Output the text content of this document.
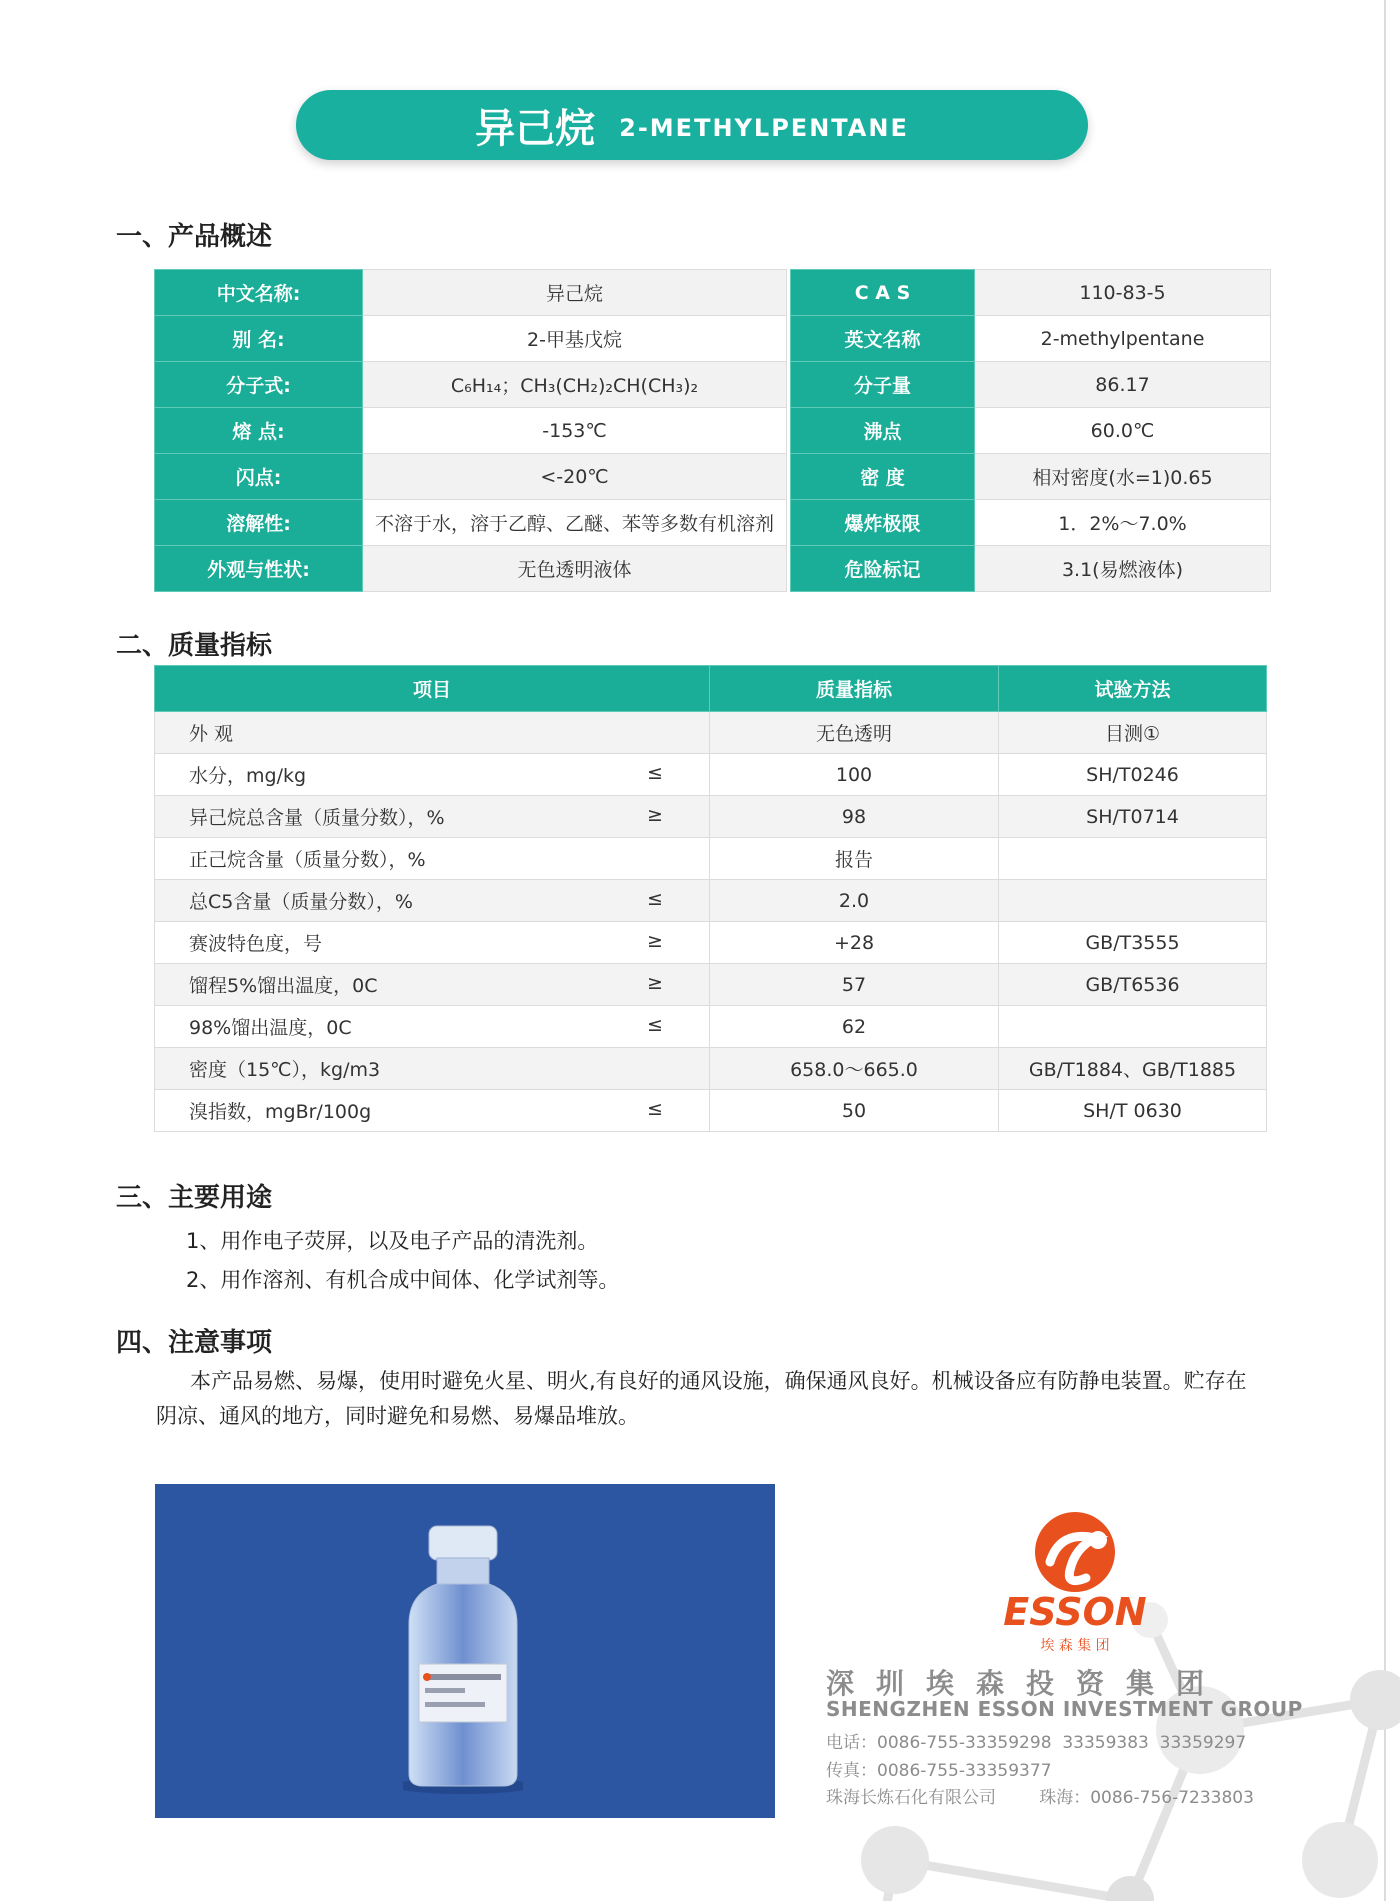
异己烷 2-METHYLPENTANE
一、产品概述
中文名称:	异己烷		C A S	110-83-5
别 名:	2-甲基戊烷		英文名称	2-methylpentane
分子式:	C₆H₁₄；CH₃(CH₂)₂CH(CH₃)₂		分子量	86.17
熔 点:	-153℃		沸点	60.0℃
闪点:	<-20℃		密 度	相对密度(水=1)0.65
溶解性:	不溶于水，溶于乙醇、乙醚、苯等多数有机溶剂		爆炸极限	1．2%～7.0%
外观与性状:	无色透明液体		危险标记	3.1(易燃液体)
二、质量指标
项目	质量指标	试验方法
外 观	无色透明	目测①
水分，mg/kg ≤	100	SH/T0246
异己烷总含量（质量分数），% ≥	98	SH/T0714
正己烷含量（质量分数），%	报告	
总C5含量（质量分数），% ≤	2.0	
赛波特色度，号 ≥	+28	GB/T3555
馏程5%馏出温度，0C ≥	57	GB/T6536
98%馏出温度，0C ≤	62	
密度（15℃），kg/m3	658.0～665.0	GB/T1884、GB/T1885
溴指数，mgBr/100g ≤	50	SH/T 0630
三、主要用途
1、用作电子荧屏，以及电子产品的清洗剂。
2、用作溶剂、有机合成中间体、化学试剂等。
四、注意事项
本产品易燃、易爆，使用时避免火星、明火,有良好的通风设施，确保通风良好。机械设备应有防静电装置。贮存在阴凉、通风的地方，同时避免和易燃、易爆品堆放。
ESSON
埃 森 集 团
深圳埃森投资集团
SHENGZHEN ESSON INVESTMENT GROUP
电话：0086-755-33359298  33359383  33359297
传真：0086-755-33359377
珠海长炼石化有限公司        珠海：0086-756-7233803
